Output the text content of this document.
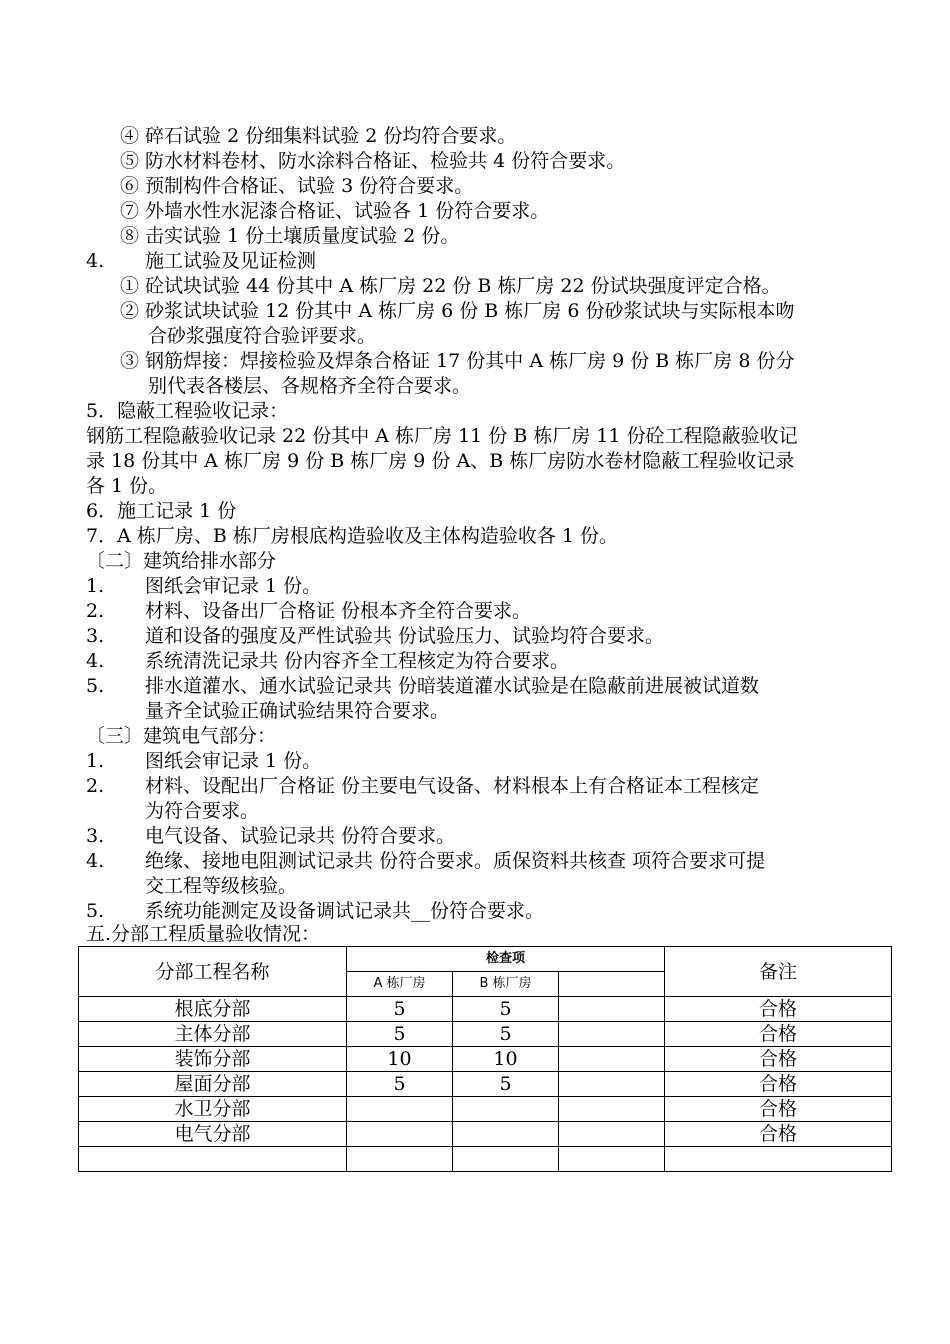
④ 碎石试验 2 份细集料试验 2 份均符合要求。
⑤ 防水材料卷材、防水涂料合格证、检验共 4 份符合要求。
⑥ 预制构件合格证、试验 3 份符合要求。
⑦ 外墙水性水泥漆合格证、试验各 1 份符合要求。
⑧ 击实试验 1 份土壤质量度试验 2 份。
4. 施工试验及见证检测
① 砼试块试验 44 份其中 A 栋厂房 22 份 B 栋厂房 22 份试块强度评定合格。
② 砂浆试块试验 12 份其中 A 栋厂房 6 份 B 栋厂房 6 份砂浆试块与实际根本吻
合砂浆强度符合验评要求。
③ 钢筋焊接：焊接检验及焊条合格证 17 份其中 A 栋厂房 9 份 B 栋厂房 8 份分
别代表各楼层、各规格齐全符合要求。
5．隐蔽工程验收记录：
钢筋工程隐蔽验收记录 22 份其中 A 栋厂房 11 份 B 栋厂房 11 份砼工程隐蔽验收记
录 18 份其中 A 栋厂房 9 份 B 栋厂房 9 份 A、B 栋厂房防水卷材隐蔽工程验收记录
各 1 份。
6．施工记录 1 份
7．A 栋厂房、B 栋厂房根底构造验收及主体构造验收各 1 份。
〔二〕建筑给排水部分
1. 图纸会审记录 1 份。
2. 材料、设备出厂合格证 份根本齐全符合要求。
3. 道和设备的强度及严性试验共 份试验压力、试验均符合要求。
4. 系统清洗记录共 份内容齐全工程核定为符合要求。
5. 排水道灌水、通水试验记录共 份暗装道灌水试验是在隐蔽前进展被试道数
量齐全试验正确试验结果符合要求。
〔三〕建筑电气部分：
1. 图纸会审记录 1 份。
2. 材料、设配出厂合格证 份主要电气设备、材料根本上有合格证本工程核定
为符合要求。
3. 电气设备、试验记录共 份符合要求。
4. 绝缘、接地电阻测试记录共 份符合要求。质保资料共核查 项符合要求可提
交工程等级核验。
5. 系统功能测定及设备调试记录共__份符合要求。
五.分部工程质量验收情况：
分部工程名称	检查项			备注
	A 栋厂房	B 栋厂房		
根底分部	5	5		合格
主体分部	5	5		合格
装饰分部	10	10		合格
屋面分部	5	5		合格
水卫分部				合格
电气分部				合格
